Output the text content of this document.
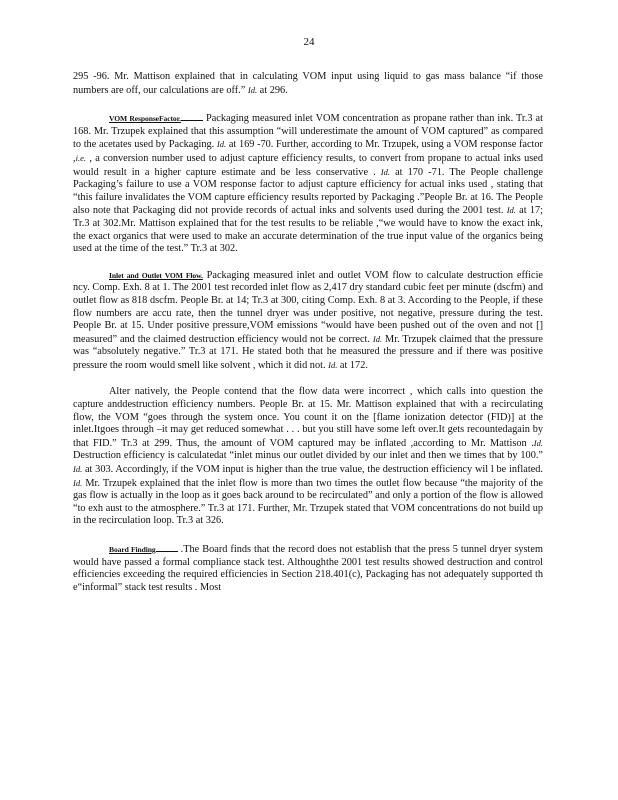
24

295 -96. Mr. Mattison explained that in calculating VOM input using liquid to gas mass balance “if those numbers are off, our calculations are off.” Id. at 296.

VOM ResponseFactor. Packaging measured inlet VOM concentration as propane rather than ink. Tr.3 at 168. Mr. Trzupek explained that this assumption “will underestimate the amount of VOM captured” as compared to the acetates used by Packaging. Id. at 169 -70. Further, according to Mr. Trzupek, using a VOM response factor ,i.e. , a conversion number used to adjust capture efficiency results, to convert from propane to actual inks used would result in a higher capture estimate and be less conservative . Id. at 170 -71. The People challenge Packaging’s failure to use a VOM response factor to adjust capture efficiency for actual inks used , stating that “this failure invalidates the VOM capture efficiency results reported by Packaging .”People Br. at 16. The People also note that Packaging did not provide records of actual inks and solvents used during the 2001 test. Id. at 17; Tr.3 at 302.Mr. Mattison explained that for the test results to be reliable ,“we would have to know the exact ink, the exact organics that were used to make an accurate determination of the true input value of the organics being used at the time of the test.” Tr.3 at 302.

Inlet and Outlet VOM Flow. Packaging measured inlet and outlet VOM flow to calculate destruction efficie ncy. Comp. Exh. 8 at 1. The 2001 test recorded inlet flow as 2,417 dry standard cubic feet per minute (dscfm) and outlet flow as 818 dscfm. People Br. at 14; Tr.3 at 300, citing Comp. Exh. 8 at 3. According to the People, if these flow numbers are accu rate, then the tunnel dryer was under positive, not negative, pressure during the test. People Br. at 15. Under positive pressure,VOM emissions “would have been pushed out of the oven and not [] measured” and the claimed destruction efficiency would not be correct. Id. Mr. Trzupek claimed that the pressure was “absolutely negative.” Tr.3 at 171. He stated both that he measured the pressure and if there was positive pressure the room would smell like solvent , which it did not. Id. at 172.

Alter natively, the People contend that the flow data were incorrect , which calls into question the capture anddestruction efficiency numbers. People Br. at 15. Mr. Mattison explained that with a recirculating flow, the VOM “goes through the system once. You count it on the [flame ionization detector (FID)] at the inlet.Itgoes through –it may get reduced somewhat . . . but you still have some left over.It gets recountedagain by that FID.” Tr.3 at 299. Thus, the amount of VOM captured may be inflated ,according to Mr. Mattison .Id. Destruction efficiency is calculatedat “inlet minus our outlet divided by our inlet and then we times that by 100.” Id. at 303. Accordingly, if the VOM input is higher than the true value, the destruction efficiency wil l be inflated. Id. Mr. Trzupek explained that the inlet flow is more than two times the outlet flow because “the majority of the gas flow is actually in the loop as it goes back around to be recirculated” and only a portion of the flow is allowed “to exh aust to the atmosphere.” Tr.3 at 171. Further, Mr. Trzupek stated that VOM concentrations do not build up in the recirculation loop. Tr.3 at 326.

Board Finding .The Board finds that the record does not establish that the press 5 tunnel dryer system would have passed a formal compliance stack test. Althoughthe 2001 test results showed destruction and control efficiencies exceeding the required efficiencies in Section 218.401(c), Packaging has not adequately supported th e“informal” stack test results . Most
